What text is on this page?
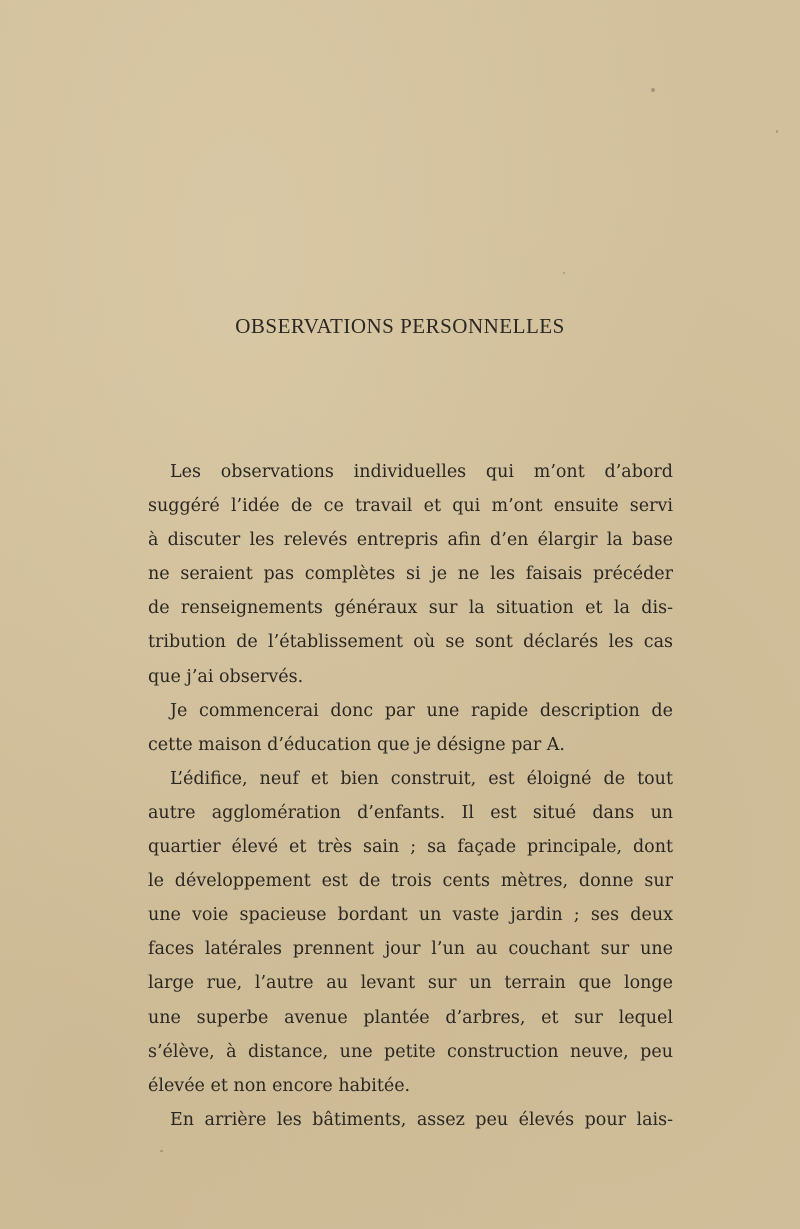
OBSERVATIONS PERSONNELLES
Les observations individuelles qui m’ont d’abord
suggéré l’idée de ce travail et qui m’ont ensuite servi
à discuter les relevés entrepris afin d’en élargir la base
ne seraient pas complètes si je ne les faisais précéder
de renseignements généraux sur la situation et la dis-
tribution de l’établissement où se sont déclarés les cas
que j’ai observés.
Je commencerai donc par une rapide description de
cette maison d’éducation que je désigne par A.
L’édifice, neuf et bien construit, est éloigné de tout
autre agglomération d’enfants. Il est situé dans un
quartier élevé et très sain ; sa façade principale, dont
le développement est de trois cents mètres, donne sur
une voie spacieuse bordant un vaste jardin ; ses deux
faces latérales prennent jour l’un au couchant sur une
large rue, l’autre au levant sur un terrain que longe
une superbe avenue plantée d’arbres, et sur lequel
s’élève, à distance, une petite construction neuve, peu
élevée et non encore habitée.
En arrière les bâtiments, assez peu élevés pour lais-
